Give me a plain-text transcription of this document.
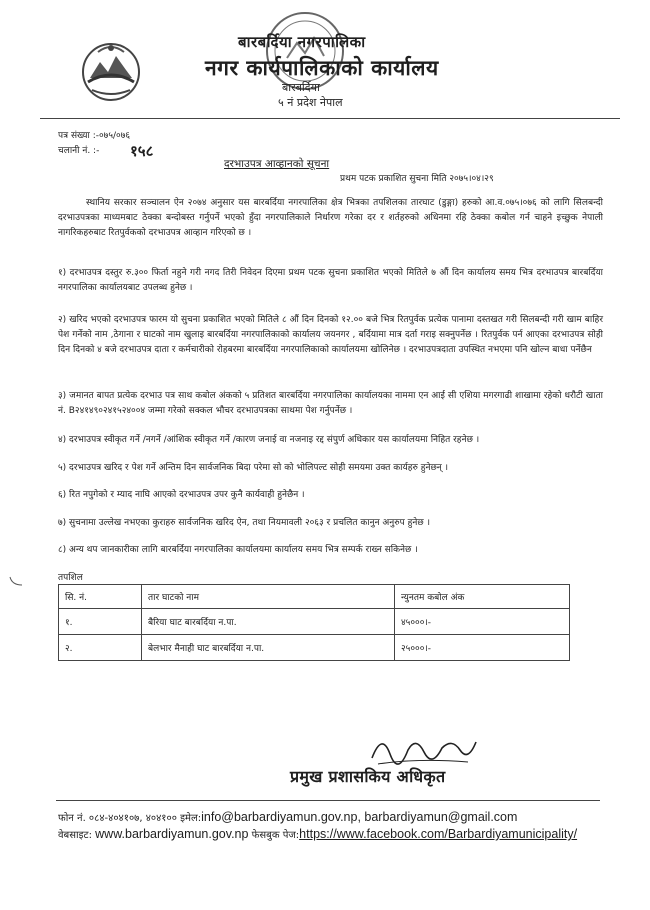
बारबर्दिया नगरपालिका
नगर कार्यपालिकाको कार्यालय
बारबर्दिया
५ नं प्रदेश नेपाल
पत्र संख्या :-०७५/०७६
चलानी नं. :- १५८
दरभाउपत्र आव्हानको सूचना
प्रथम पटक प्रकाशित सुचना मिति २०७५।०४।२९
स्थानिय सरकार सञ्चालन ऐन २०७४ अनुसार यस बारबर्दिया नगरपालिका क्षेत्र भित्रका तपशिलका तारघाट (डुङ्गा) हरुको आ.व.०७५।०७६ को लागि सिलबन्दी दरभाउपत्रका माध्यमबाट ठेक्का बन्दोबस्त गर्नुपर्ने भएको हुँदा नगरपालिकाले निर्धारण गरेका दर र शर्तहरुको अधिनमा रहि ठेक्का कबोल गर्न चाहने इच्छुक नेपाली नागरिकहरुबाट रितपुर्वकको दरभाउपत्र आव्हान गरिएको छ ।
१) दरभाउपत्र दस्तुर रु.३०० फिर्ता नहुने गरी नगद तिरी निवेदन दिएमा प्रथम पटक सुचना प्रकाशित भएको मितिले ७ औं दिन कार्यालय समय भित्र दरभाउपत्र बारबर्दिया नगरपालिका कार्यालयबाट उपलब्ध हुनेछ ।
२) खरिद भएको दरभाउपत्र फारम यो सुचना प्रकाशित भएको मितिले ८ औं दिन दिनको १२.०० बजे भित्र रितपुर्वक प्रत्येक पानामा दस्तखत गरी सिलबन्दी गरी खाम बाहिर पेश गर्नेको नाम ,ठेगाना र घाटको नाम खुलाइ बारबर्दिया नगरपालिकाको कार्यालय जयनगर , बर्दियामा मात्र दर्ता गराइ सक्नुपर्नेछ । रितपुर्वक पर्न आएका दरभाउपत्र सोही दिन दिनको ४ बजे दरभाउपत्र दाता र कर्मचारीको रोहबरमा बारबर्दिया नगरपालिकाको कार्यालयमा खोलिनेछ । दरभाउपत्रदाता उपस्थित नभएमा पनि खोल्न बाधा पर्नेछैन
३) जमानत बापत प्रत्येक दरभाउ पत्र साथ कबोल अंकको ५ प्रतिशत बारबर्दिया नगरपालिका कार्यालयका नाममा एन आई सी एशिया मगरगाढी शाखामा रहेको धरौटी खाता नं. B२४१४९०२४१५२४००४ जम्मा गरेको सक्कल भौचर दरभाउपत्रका साथमा पेश गर्नुपर्नेछ ।
४) दरभाउपत्र स्वीकृत गर्ने /नगर्ने /आंशिक स्वीकृत गर्ने /कारण जनाई वा नजनाइ रद्द संपुर्ण अधिकार यस कार्यालयमा निहित रहनेछ ।
५) दरभाउपत्र खरिद र पेश गर्ने अन्तिम दिन सार्वजनिक बिदा परेमा सो को भोलिपल्ट सोही समयमा उक्त कार्यहरु हुनेछन् ।
६) रित नपुगेको र म्याद नाघि आएको दरभाउपत्र उपर कुनै कार्यवाही हुनेछैन ।
७) सुचनामा उल्लेख नभएका कुराहरु सार्वजनिक खरिद ऐन, तथा नियमावली २०६३ र प्रचलित कानुन अनुरुप हुनेछ ।
८) अन्य थप जानकारीका लागि बारबर्दिया नगरपालिका कार्यालयमा कार्यालय समय भित्र सम्पर्क राख्न सकिनेछ ।
तपशिल
सि. नं.	तार घाटको नाम	न्युनतम कबोल अंक
१.	बैरिया घाट बारबर्दिया न.पा.	४५०००।-
२.	बेलभार मैनाही घाट बारबर्दिया न.पा.	२५०००।-
प्रमुख प्रशासकिय अधिकृत
फोन नं. ०८४-४०४१०७, ४०४१०० इमेल:info@barbardiyamun.gov.np, barbardiyamun@gmail.com
वेबसाइट: www.barbardiyamun.gov.np फेसबुक पेज:https://www.facebook.com/Barbardiyamunicipality/
